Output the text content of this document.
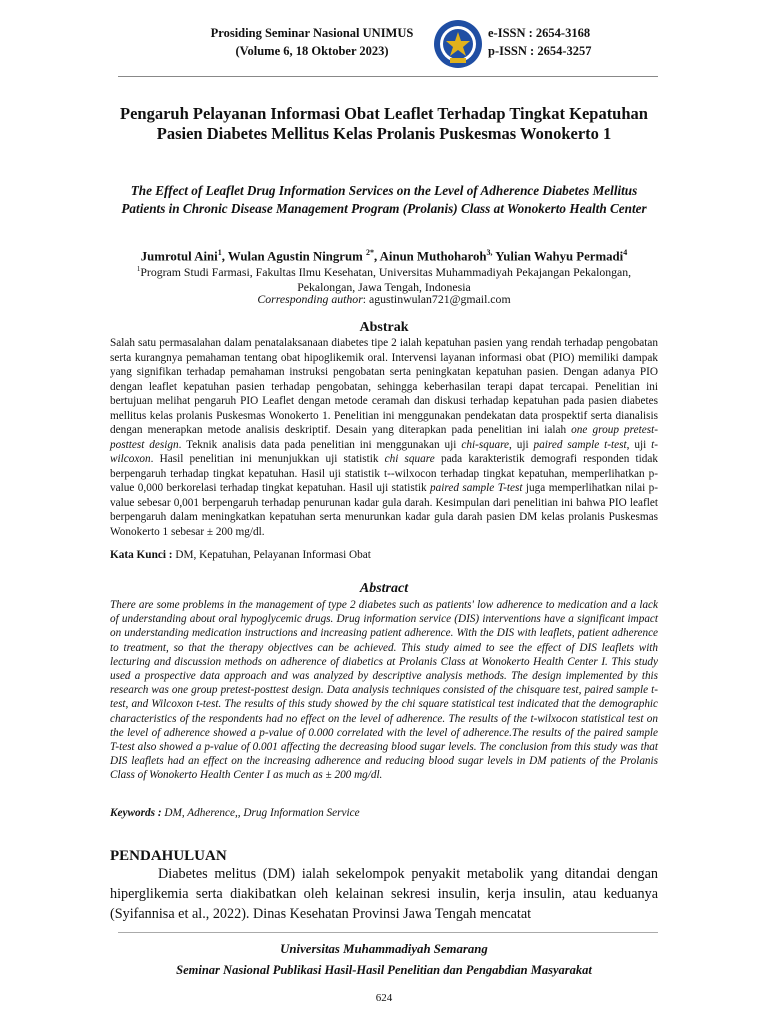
Prosiding Seminar Nasional UNIMUS
(Volume 6, 18 Oktober 2023)
e-ISSN : 2654-3168
p-ISSN : 2654-3257
Pengaruh Pelayanan Informasi Obat Leaflet Terhadap Tingkat Kepatuhan Pasien Diabetes Mellitus Kelas Prolanis Puskesmas Wonokerto 1
The Effect of Leaflet Drug Information Services on the Level of Adherence Diabetes Mellitus Patients in Chronic Disease Management Program (Prolanis) Class at Wonokerto Health Center
Jumrotul Aini$^1$, Wulan Agustin Ningrum $^{2*}$, Ainun Muthoharoh$^{3,}$ Yulian Wahyu Permadi$^4$
$^1$Program Studi Farmasi, Fakultas Ilmu Kesehatan, Universitas Muhammadiyah Pekajangan Pekalongan,
Pekalongan, Jawa Tengah, Indonesia
Corresponding author: agustinwulan721@gmail.com
Abstrak
Salah satu permasalahan dalam penatalaksanaan diabetes tipe 2 ialah kepatuhan pasien yang rendah terhadap pengobatan serta kurangnya pemahaman tentang obat hipoglikemik oral. Intervensi layanan informasi obat (PIO) memiliki dampak yang signifikan terhadap pemahaman instruksi pengobatan serta peningkatan kepatuhan pasien. Dengan adanya PIO dengan leaflet kepatuhan pasien terhadap pengobatan, sehingga keberhasilan terapi dapat tercapai. Penelitian ini bertujuan melihat pengaruh PIO Leaflet dengan metode ceramah dan diskusi terhadap kepatuhan pada pasien diabetes mellitus kelas prolanis Puskesmas Wonokerto 1. Penelitian ini menggunakan pendekatan data prospektif serta dianalisis dengan menerapkan metode analisis deskriptif. Desain yang diterapkan pada penelitian ini ialah one group pretest-posttest design. Teknik analisis data pada penelitian ini menggunakan uji chi-square, uji paired sample t-test, uji t-wilcoxon. Hasil penelitian ini menunjukkan uji statistik chi square pada karakteristik demografi responden tidak berpengaruh terhadap tingkat kepatuhan. Hasil uji statistik t--wilxocon terhadap tingkat kepatuhan, memperlihatkan p-value 0,000 berkorelasi terhadap tingkat kepatuhan. Hasil uji statistik paired sample T-test juga memperlihatkan nilai p-value sebesar 0,001 berpengaruh terhadap penurunan kadar gula darah. Kesimpulan dari penelitian ini bahwa PIO leaflet berpengaruh dalam meningkatkan kepatuhan serta menurunkan kadar gula darah pasien DM kelas prolanis Puskesmas Wonokerto 1 sebesar ± 200 mg/dl.
Kata Kunci : DM, Kepatuhan, Pelayanan Informasi Obat
Abstract
There are some problems in the management of type 2 diabetes such as patients' low adherence to medication and a lack of understanding about oral hypoglycemic drugs. Drug information service (DIS) interventions have a significant impact on understanding medication instructions and increasing patient adherence. With the DIS with leaflets, patient adherence to treatment, so that the therapy objectives can be achieved. This study aimed to see the effect of DIS leaflets with lecturing and discussion methods on adherence of diabetics at Prolanis Class at Wonokerto Health Center I. This study used a prospective data approach and was analyzed by descriptive analysis methods. The design implemented by this research was one group pretest-posttest design. Data analysis techniques consisted of the chisquare test, paired sample t-test, and Wilcoxon t-test. The results of this study showed by the chi square statistical test indicated that the demographic characteristics of the respondents had no effect on the level of adherence. The results of the t-wilxocon statistical test on the level of adherence showed a p-value of 0.000 correlated with the level of adherence.The results of the paired sample T-test also showed a p-value of 0.001 affecting the decreasing blood sugar levels. The conclusion from this study was that DIS leaflets had an effect on the increasing adherence and reducing blood sugar levels in DM patients of the Prolanis Class of Wonokerto Health Center I as much as ± 200 mg/dl.
Keywords : DM, Adherence,, Drug Information Service
PENDAHULUAN
Diabetes melitus (DM) ialah sekelompok penyakit metabolik yang ditandai dengan hiperglikemia serta diakibatkan oleh kelainan sekresi insulin, kerja insulin, atau keduanya (Syifannisa et al., 2022). Dinas Kesehatan Provinsi Jawa Tengah mencatat
Universitas Muhammadiyah Semarang
Seminar Nasional Publikasi Hasil-Hasil Penelitian dan Pengabdian Masyarakat
624
